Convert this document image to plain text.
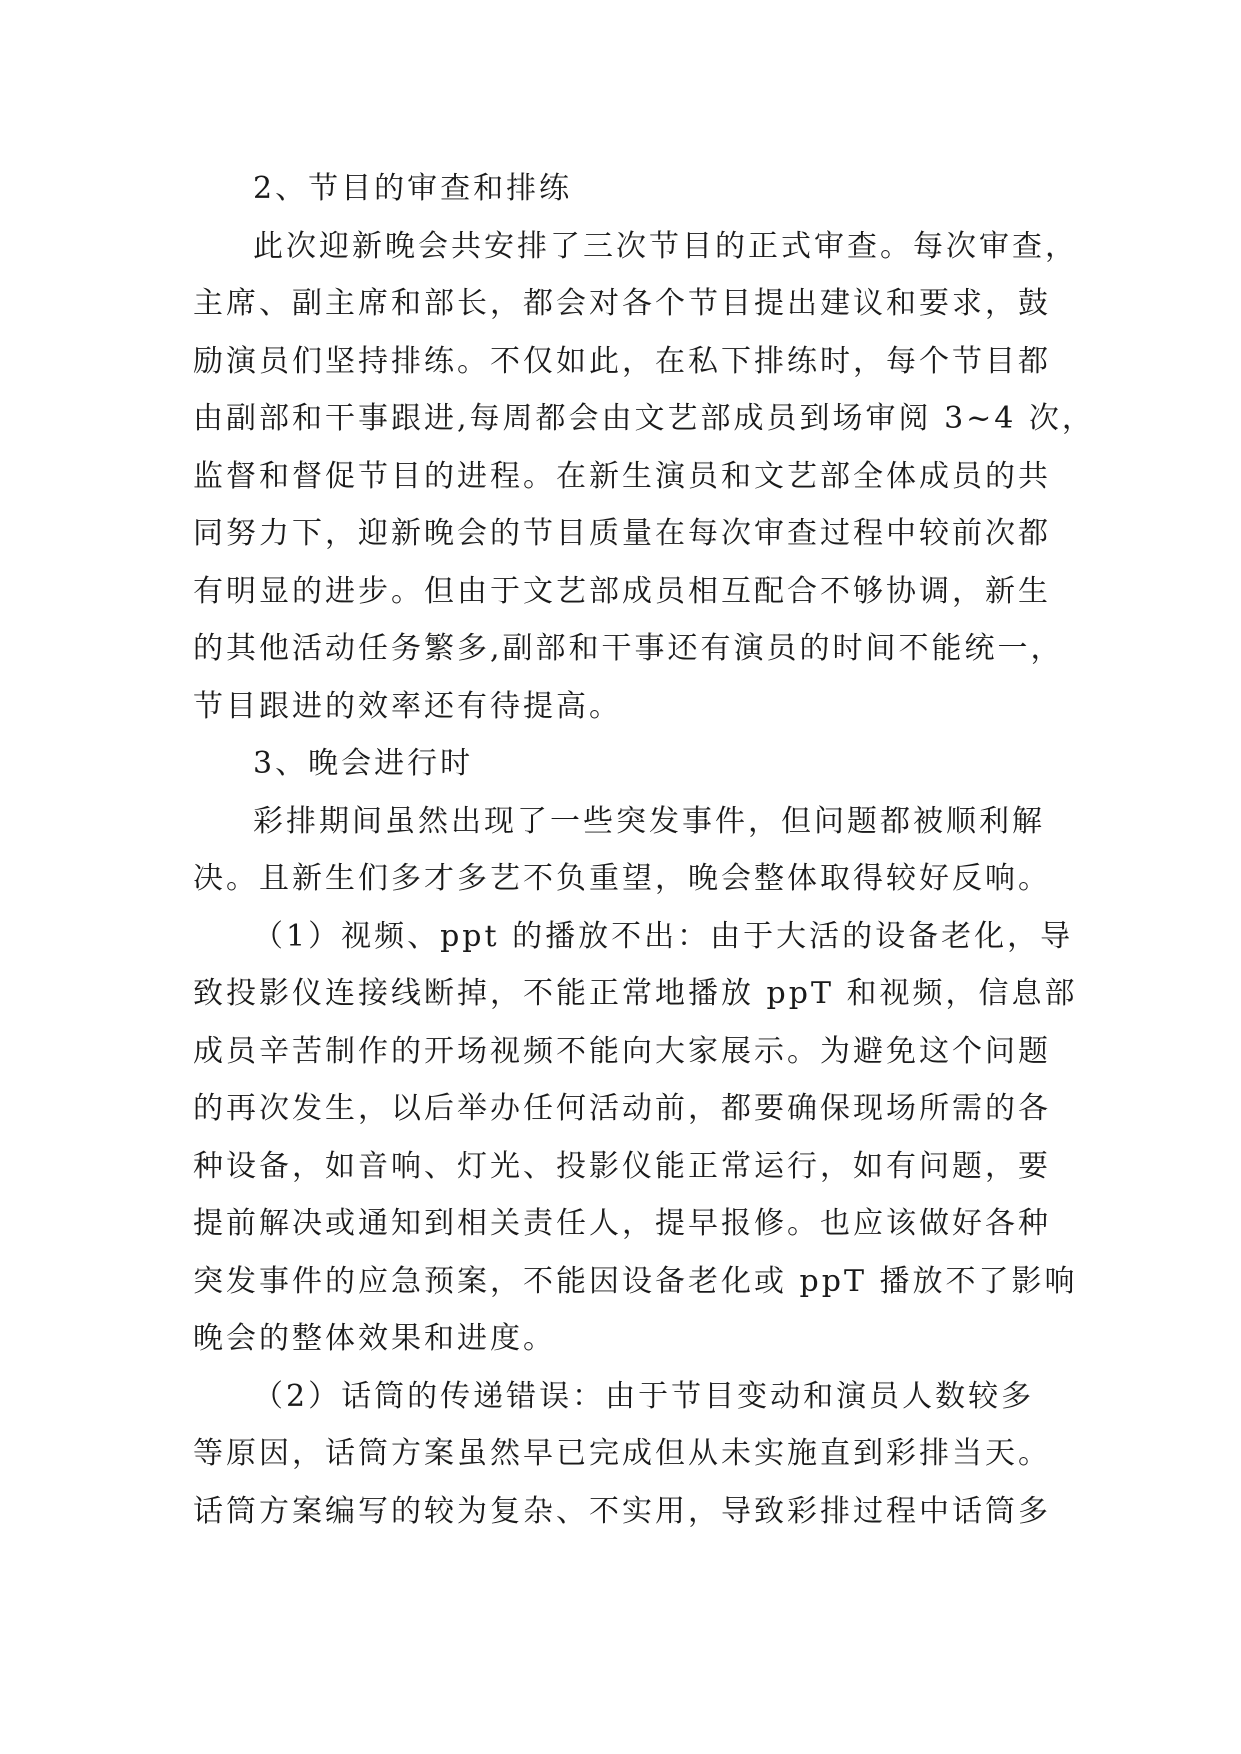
2、节目的审查和排练
此次迎新晚会共安排了三次节目的正式审查。每次审查，
主席、副主席和部长，都会对各个节目提出建议和要求，鼓
励演员们坚持排练。不仅如此，在私下排练时，每个节目都
由副部和干事跟进,每周都会由文艺部成员到场审阅 3~4 次，
监督和督促节目的进程。在新生演员和文艺部全体成员的共
同努力下，迎新晚会的节目质量在每次审查过程中较前次都
有明显的进步。但由于文艺部成员相互配合不够协调，新生
的其他活动任务繁多,副部和干事还有演员的时间不能统一，
节目跟进的效率还有待提高。
3、晚会进行时
彩排期间虽然出现了一些突发事件，但问题都被顺利解
决。且新生们多才多艺不负重望，晚会整体取得较好反响。
（1）视频、ppt 的播放不出：由于大活的设备老化，导
致投影仪连接线断掉，不能正常地播放 ppT 和视频，信息部
成员辛苦制作的开场视频不能向大家展示。为避免这个问题
的再次发生，以后举办任何活动前，都要确保现场所需的各
种设备，如音响、灯光、投影仪能正常运行，如有问题，要
提前解决或通知到相关责任人，提早报修。也应该做好各种
突发事件的应急预案，不能因设备老化或 ppT 播放不了影响
晚会的整体效果和进度。
（2）话筒的传递错误：由于节目变动和演员人数较多
等原因，话筒方案虽然早已完成但从未实施直到彩排当天。
话筒方案编写的较为复杂、不实用，导致彩排过程中话筒多
